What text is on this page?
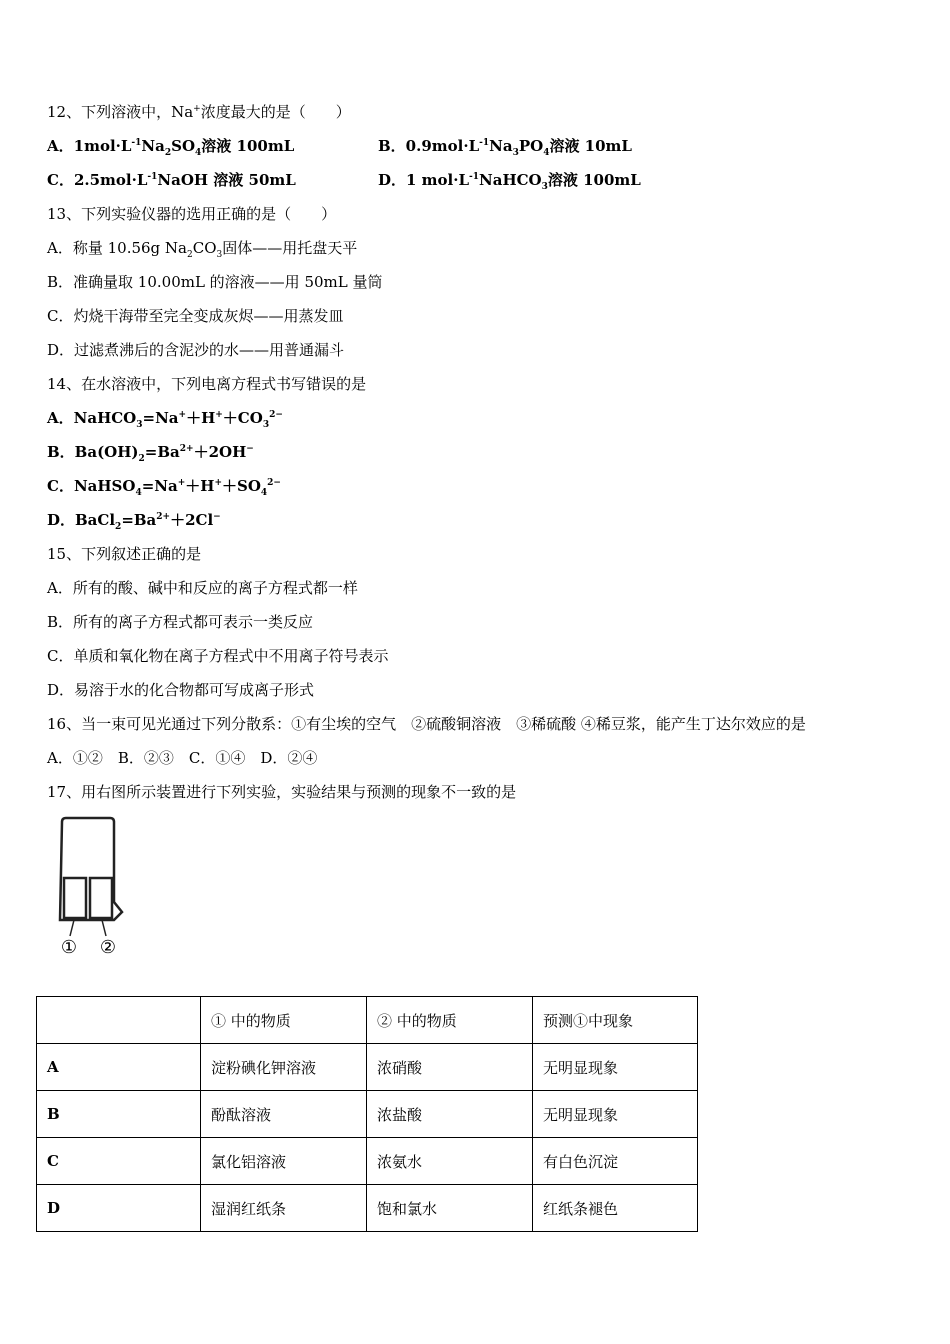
12、下列溶液中，Na+浓度最大的是（　　）
A．$1mol\cdot L^{-1}Na_2SO_4$溶液 100mL	B．$0.9mol\cdot L^{-1}Na_3PO_4$溶液 10mL
C．$2.5mol\cdot L^{-1}NaOH$ 溶液 50mL	D．1 $mol\cdot L^{-1}NaHCO_3$溶液 100mL
13、下列实验仪器的选用正确的是（　　）
A．称量 10.56g $Na_2CO_3$固体——用托盘天平
B．准确量取 10.00mL 的溶液——用 50mL 量筒
C．灼烧干海带至完全变成灰烬——用蒸发皿
D．过滤煮沸后的含泥沙的水——用普通漏斗
14、在水溶液中，下列电离方程式书写错误的是
A．$NaHCO_3=Na^++H^++CO_3^{2-}$
B．$Ba(OH)_2=Ba^{2+}+2OH^-$
C．$NaHSO_4=Na^++H^++SO_4^{2-}$
D．$BaCl_2=Ba^{2+}+2Cl^-$
15、下列叙述正确的是
A．所有的酸、碱中和反应的离子方程式都一样
B．所有的离子方程式都可表示一类反应
C．单质和氧化物在离子方程式中不用离子符号表示
D．易溶于水的化合物都可写成离子形式
16、当一束可见光通过下列分散系：①有尘埃的空气　②硫酸铜溶液　③稀硫酸 ④稀豆浆，能产生丁达尔效应的是
A．①②　B．②③　C．①④　D．②④
17、用右图所示装置进行下列实验，实验结果与预测的现象不一致的是
① ②
	① 中的物质	② 中的物质	预测①中现象
A	淀粉碘化钾溶液	浓硝酸	无明显现象
B	酚酞溶液	浓盐酸	无明显现象
C	氯化铝溶液	浓氨水	有白色沉淀
D	湿润红纸条	饱和氯水	红纸条褪色
